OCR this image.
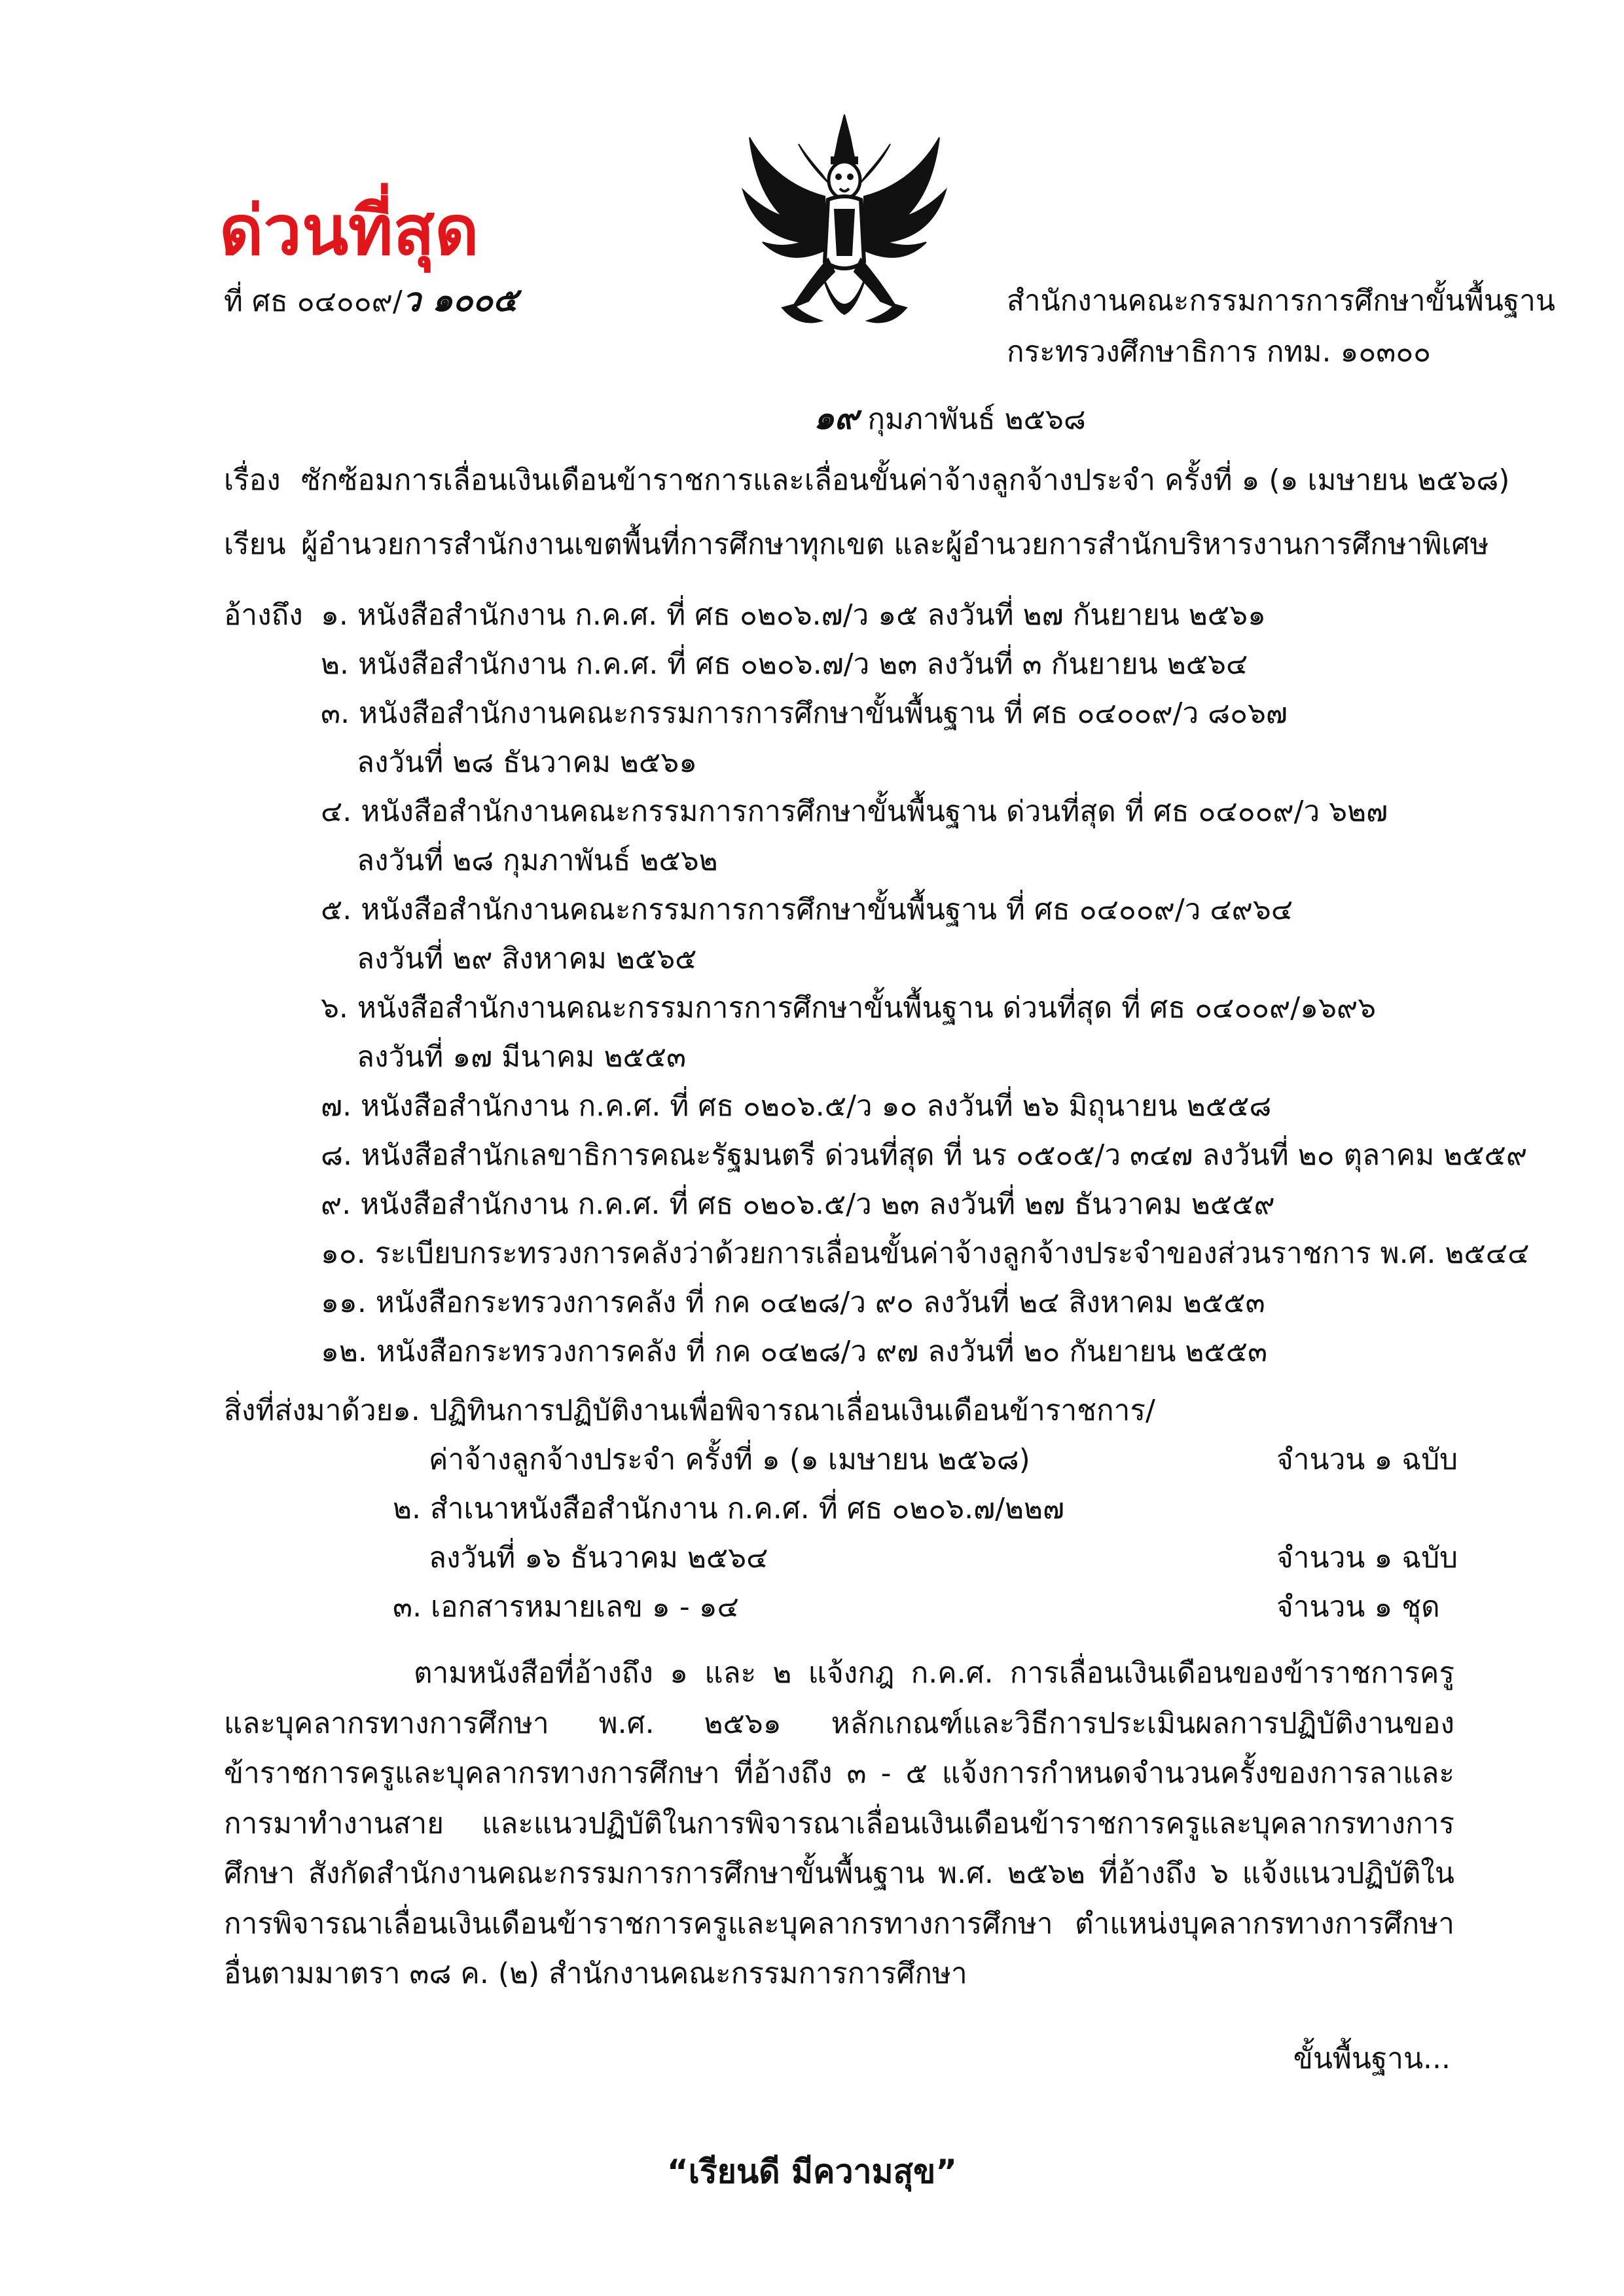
ด่วนที่สุด
ที่ ศธ ๐๔๐๐๙/ว ๑๐๐๕	สำนักงานคณะกรรมการการศึกษาขั้นพื้นฐาน
กระทรวงศึกษาธิการ กทม. ๑๐๓๐๐
๑๙ กุมภาพันธ์ ๒๕๖๘
เรื่อง ซักซ้อมการเลื่อนเงินเดือนข้าราชการและเลื่อนขั้นค่าจ้างลูกจ้างประจำ ครั้งที่ ๑ (๑ เมษายน ๒๕๖๘)
เรียน ผู้อำนวยการสำนักงานเขตพื้นที่การศึกษาทุกเขต และผู้อำนวยการสำนักบริหารงานการศึกษาพิเศษ
อ้างถึง ๑. หนังสือสำนักงาน ก.ค.ศ. ที่ ศธ ๐๒๐๖.๗/ว ๑๕ ลงวันที่ ๒๗ กันยายน ๒๕๖๑
๒. หนังสือสำนักงาน ก.ค.ศ. ที่ ศธ ๐๒๐๖.๗/ว ๒๓ ลงวันที่ ๓ กันยายน ๒๕๖๔
๓. หนังสือสำนักงานคณะกรรมการการศึกษาขั้นพื้นฐาน ที่ ศธ ๐๔๐๐๙/ว ๘๐๖๗
ลงวันที่ ๒๘ ธันวาคม ๒๕๖๑
๔. หนังสือสำนักงานคณะกรรมการการศึกษาขั้นพื้นฐาน ด่วนที่สุด ที่ ศธ ๐๔๐๐๙/ว ๖๒๗
ลงวันที่ ๒๘ กุมภาพันธ์ ๒๕๖๒
๕. หนังสือสำนักงานคณะกรรมการการศึกษาขั้นพื้นฐาน ที่ ศธ ๐๔๐๐๙/ว ๔๙๖๔
ลงวันที่ ๒๙ สิงหาคม ๒๕๖๕
๖. หนังสือสำนักงานคณะกรรมการการศึกษาขั้นพื้นฐาน ด่วนที่สุด ที่ ศธ ๐๔๐๐๙/๑๖๙๖
ลงวันที่ ๑๗ มีนาคม ๒๕๕๓
๗. หนังสือสำนักงาน ก.ค.ศ. ที่ ศธ ๐๒๐๖.๕/ว ๑๐ ลงวันที่ ๒๖ มิถุนายน ๒๕๕๘
๘. หนังสือสำนักเลขาธิการคณะรัฐมนตรี ด่วนที่สุด ที่ นร ๐๕๐๕/ว ๓๔๗ ลงวันที่ ๒๐ ตุลาคม ๒๕๕๙
๙. หนังสือสำนักงาน ก.ค.ศ. ที่ ศธ ๐๒๐๖.๕/ว ๒๓ ลงวันที่ ๒๗ ธันวาคม ๒๕๕๙
๑๐. ระเบียบกระทรวงการคลังว่าด้วยการเลื่อนขั้นค่าจ้างลูกจ้างประจำของส่วนราชการ พ.ศ. ๒๕๔๔
๑๑. หนังสือกระทรวงการคลัง ที่ กค ๐๔๒๘/ว ๙๐ ลงวันที่ ๒๔ สิงหาคม ๒๕๕๓
๑๒. หนังสือกระทรวงการคลัง ที่ กค ๐๔๒๘/ว ๙๗ ลงวันที่ ๒๐ กันยายน ๒๕๕๓
สิ่งที่ส่งมาด้วย ๑. ปฏิทินการปฏิบัติงานเพื่อพิจารณาเลื่อนเงินเดือนข้าราชการ/
ค่าจ้างลูกจ้างประจำ ครั้งที่ ๑ (๑ เมษายน ๒๕๖๘)	จำนวน ๑ ฉบับ
๒. สำเนาหนังสือสำนักงาน ก.ค.ศ. ที่ ศธ ๐๒๐๖.๗/๒๒๗
ลงวันที่ ๑๖ ธันวาคม ๒๕๖๔	จำนวน ๑ ฉบับ
๓. เอกสารหมายเลข ๑ - ๑๔	จำนวน ๑ ชุด
ตามหนังสือที่อ้างถึง ๑ และ ๒ แจ้งกฎ ก.ค.ศ. การเลื่อนเงินเดือนของข้าราชการครูและบุคลากรทางการศึกษา พ.ศ. ๒๕๖๑ หลักเกณฑ์และวิธีการประเมินผลการปฏิบัติงานของข้าราชการครูและบุคลากรทางการศึกษา ที่อ้างถึง ๓ - ๕ แจ้งการกำหนดจำนวนครั้งของการลาและการมาทำงานสาย และแนวปฏิบัติในการพิจารณาเลื่อนเงินเดือนข้าราชการครูและบุคลากรทางการศึกษา สังกัดสำนักงานคณะกรรมการการศึกษาขั้นพื้นฐาน พ.ศ. ๒๕๖๒ ที่อ้างถึง ๖ แจ้งแนวปฏิบัติในการพิจารณาเลื่อนเงินเดือนข้าราชการครูและบุคลากรทางการศึกษา ตำแหน่งบุคลากรทางการศึกษาอื่นตามมาตรา ๓๘ ค. (๒) สำนักงานคณะกรรมการการศึกษา
ขั้นพื้นฐาน...
“เรียนดี มีความสุข”
